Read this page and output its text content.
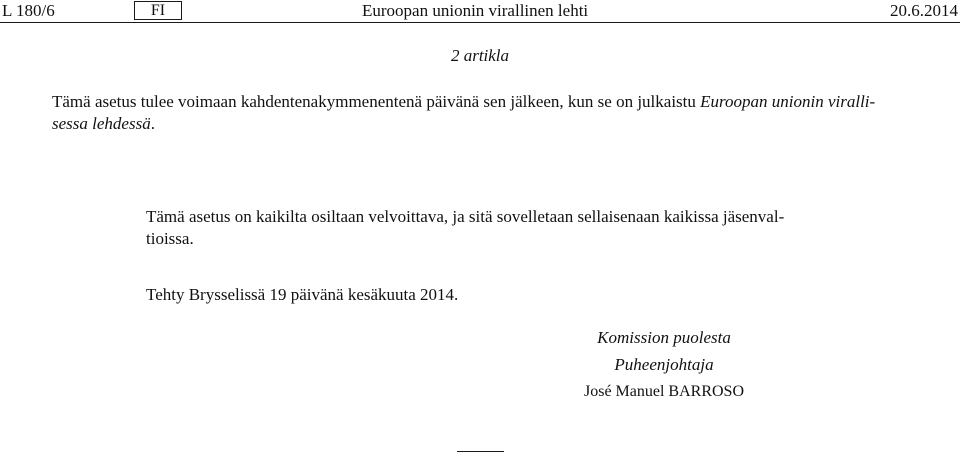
L 180/6	FI	Euroopan unionin virallinen lehti	20.6.2014
2 artikla

Tämä asetus tulee voimaan kahdentenakymmenentenä päivänä sen jälkeen, kun se on julkaistu Euroopan unionin viralli-
sessa lehdessä.

Tämä asetus on kaikilta osiltaan velvoittava, ja sitä sovelletaan sellaisenaan kaikissa jäsenval-
tioissa.

Tehty Brysselissä 19 päivänä kesäkuuta 2014.

Komission puolesta
Puheenjohtaja
José Manuel BARROSO
